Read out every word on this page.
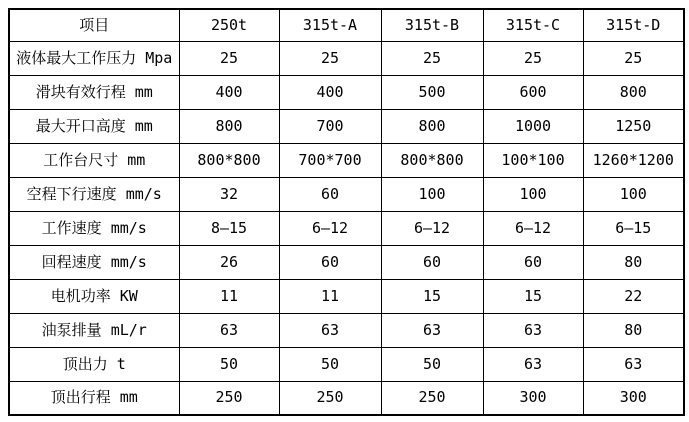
项目	250t	315t-A	315t-B	315t-C	315t-D
液体最大工作压力 Mpa	25	25	25	25	25
滑块有效行程 mm	400	400	500	600	800
最大开口高度 mm	800	700	800	1000	1250
工作台尺寸 mm	800*800	700*700	800*800	100*100	1260*1200
空程下行速度 mm/s	32	60	100	100	100
工作速度 mm/s	8—15	6—12	6—12	6—12	6—15
回程速度 mm/s	26	60	60	60	80
电机功率 KW	11	11	15	15	22
油泵排量 mL/r	63	63	63	63	80
顶出力 t	50	50	50	63	63
顶出行程 mm	250	250	250	300	300
